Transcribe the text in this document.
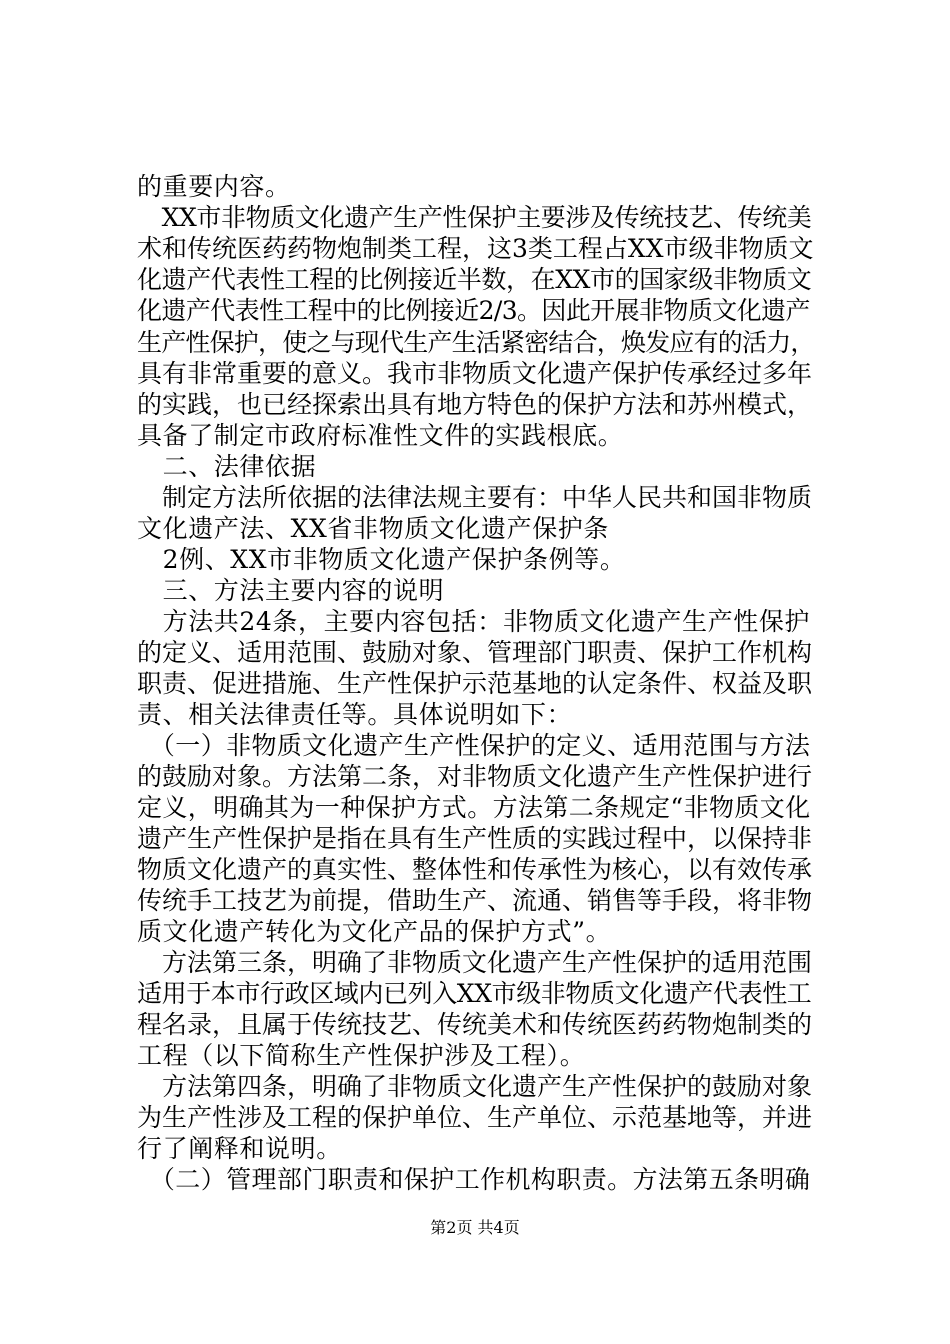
的重要内容。
　XX市非物质文化遗产生产性保护主要涉及传统技艺、传统美
术和传统医药药物炮制类工程，这3类工程占XX市级非物质文
化遗产代表性工程的比例接近半数，在XX市的国家级非物质文
化遗产代表性工程中的比例接近2/3。因此开展非物质文化遗产
生产性保护，使之与现代生产生活紧密结合，焕发应有的活力，
具有非常重要的意义。我市非物质文化遗产保护传承经过多年
的实践，也已经探索出具有地方特色的保护方法和苏州模式，
具备了制定市政府标准性文件的实践根底。
　二、法律依据
　制定方法所依据的法律法规主要有：中华人民共和国非物质
文化遗产法、XX省非物质文化遗产保护条
　2例、XX市非物质文化遗产保护条例等。
　三、方法主要内容的说明
　方法共24条，主要内容包括：非物质文化遗产生产性保护
的定义、适用范围、鼓励对象、管理部门职责、保护工作机构
职责、促进措施、生产性保护示范基地的认定条件、权益及职
责、相关法律责任等。具体说明如下：
　（一）非物质文化遗产生产性保护的定义、适用范围与方法
的鼓励对象。方法第二条，对非物质文化遗产生产性保护进行
定义，明确其为一种保护方式。方法第二条规定“非物质文化
遗产生产性保护是指在具有生产性质的实践过程中，以保持非
物质文化遗产的真实性、整体性和传承性为核心，以有效传承
传统手工技艺为前提，借助生产、流通、销售等手段，将非物
质文化遗产转化为文化产品的保护方式”。
　方法第三条，明确了非物质文化遗产生产性保护的适用范围
适用于本市行政区域内已列入XX市级非物质文化遗产代表性工
程名录，且属于传统技艺、传统美术和传统医药药物炮制类的
工程（以下简称生产性保护涉及工程）。
　方法第四条，明确了非物质文化遗产生产性保护的鼓励对象
为生产性涉及工程的保护单位、生产单位、示范基地等，并进
行了阐释和说明。
　（二）管理部门职责和保护工作机构职责。方法第五条明确
第2页 共4页
